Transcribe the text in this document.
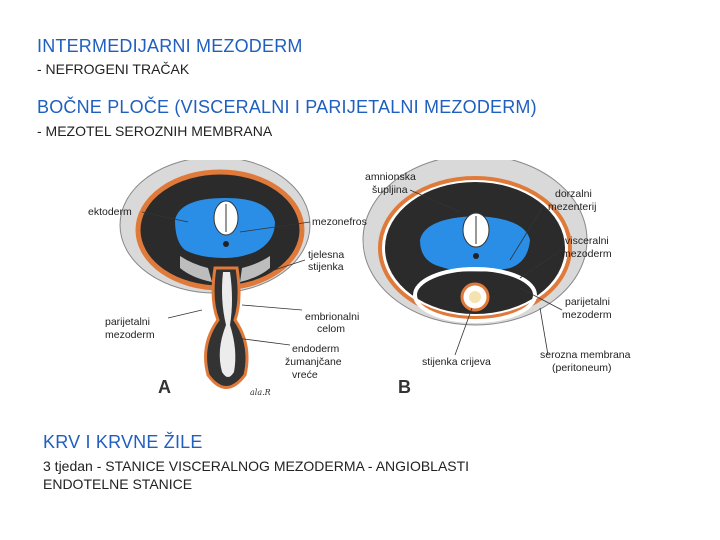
INTERMEDIJARNI MEZODERM
- NEFROGENI TRAČAK
BOČNE PLOČE (VISCERALNI I PARIJETALNI MEZODERM)
- MEZOTEL SEROZNIH MEMBRANA
ektoderm
mezonefros
tjelesna
stijenka
parijetalni
mezoderm
embrionalni
celom
endoderm
žumanjčane
vreće
A	ala.R
amnionska
šupljina	dorzalni
mezenterij
visceralni
mezoderm
parijetalni
mezoderm
serozna membrana
(peritoneum)
stijenka crijeva
B
KRV I KRVNE ŽILE
3 tjedan - STANICE VISCERALNOG MEZODERMA - ANGIOBLASTI
ENDOTELNE STANICE
